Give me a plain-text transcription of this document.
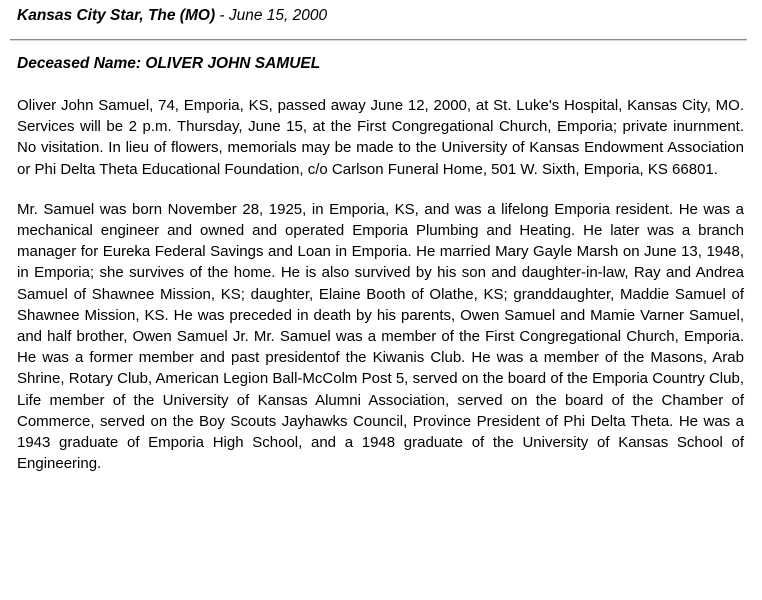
Kansas City Star, The (MO) - June 15, 2000
Deceased Name: OLIVER JOHN SAMUEL

Oliver John Samuel, 74, Emporia, KS, passed away June 12, 2000, at St. Luke's Hospital, Kansas City, MO. Services will be 2 p.m. Thursday, June 15, at the First Congregational Church, Emporia; private inurnment. No visitation. In lieu of flowers, memorials may be made to the University of Kansas Endowment Association or Phi Delta Theta Educational Foundation, c/o Carlson Funeral Home, 501 W. Sixth, Emporia, KS 66801.

Mr. Samuel was born November 28, 1925, in Emporia, KS, and was a lifelong Emporia resident. He was a mechanical engineer and owned and operated Emporia Plumbing and Heating. He later was a branch manager for Eureka Federal Savings and Loan in Emporia. He married Mary Gayle Marsh on June 13, 1948, in Emporia; she survives of the home. He is also survived by his son and daughter-in-law, Ray and Andrea Samuel of Shawnee Mission, KS; daughter, Elaine Booth of Olathe, KS; granddaughter, Maddie Samuel of Shawnee Mission, KS. He was preceded in death by his parents, Owen Samuel and Mamie Varner Samuel, and half brother, Owen Samuel Jr. Mr. Samuel was a member of the First Congregational Church, Emporia. He was a former member and past presidentof the Kiwanis Club. He was a member of the Masons, Arab Shrine, Rotary Club, American Legion Ball-McColm Post 5, served on the board of the Emporia Country Club, Life member of the University of Kansas Alumni Association, served on the board of the Chamber of Commerce, served on the Boy Scouts Jayhawks Council, Province President of Phi Delta Theta. He was a 1943 graduate of Emporia High School, and a 1948 graduate of the University of Kansas School of Engineering.
